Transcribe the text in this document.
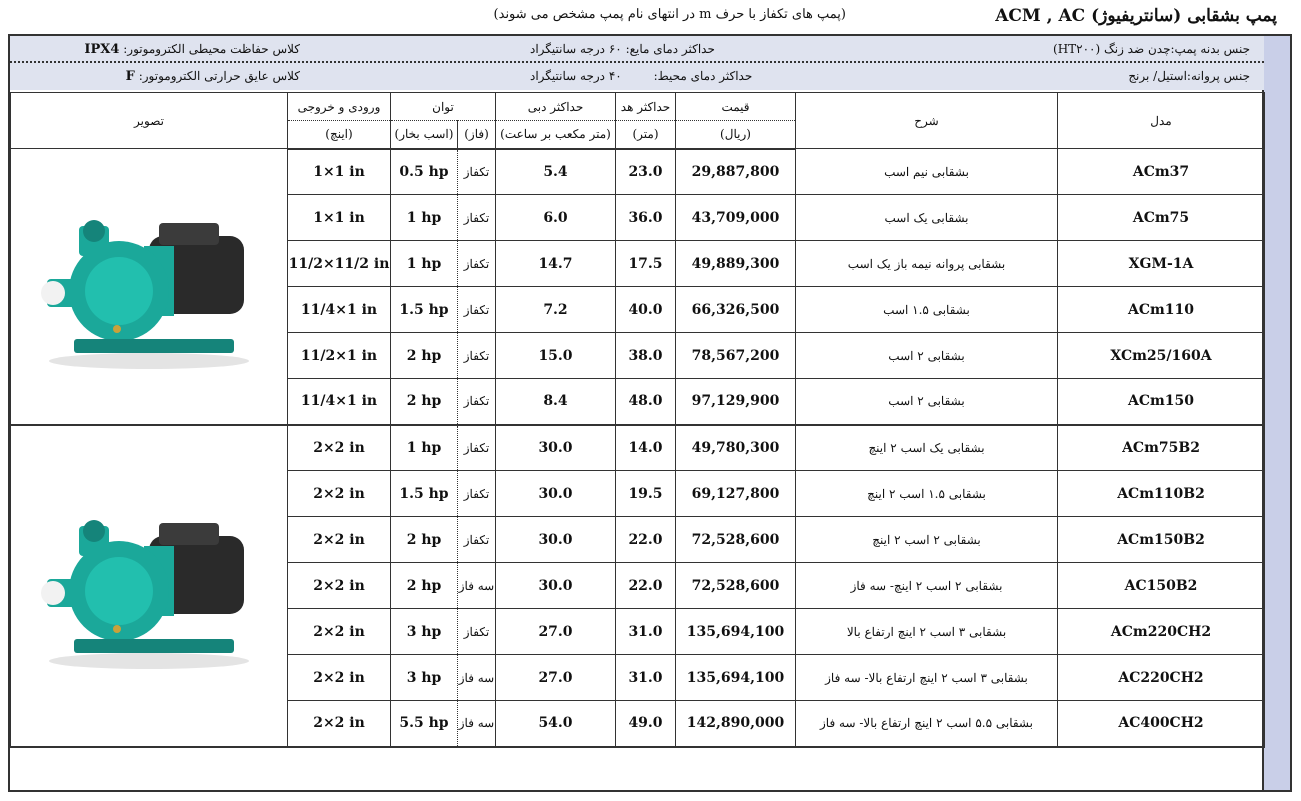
پمپ بشقابی (سانتریفیوژ) ACM , AC
(پمپ های تکفاز با حرف m در انتهای نام پمپ مشخص می شوند)
جنس بدنه پمپ:چدن ضد زنگ (HT۲۰۰)
حداکثر دمای مایع: ۶۰ درجه سانتیگراد
کلاس حفاظت محیطی الکتروموتور: IPX4
جنس پروانه:استیل/ برنج
حداکثر دمای محیط: ۴۰ درجه سانتیگراد
کلاس عایق حرارتی الکتروموتور: F
تصویر	ورودی و خروجی	توان		حداکثر دبی	حداکثر هد	قیمت	شرح	مدل
	(اینچ)	(اسب بخار)	(فاز)	(متر مکعب بر ساعت)	(متر)	(ریال)		

	1×1 in	0.5 hp	تکفاز	5.4	23.0	29,887,800	بشقابی نیم اسب	ACm37
	1×1 in	1 hp	تکفاز	6.0	36.0	43,709,000	بشقابی یک اسب	ACm75
	11/2×11/2 in	1 hp	تکفاز	14.7	17.5	49,889,300	بشقابی پروانه نیمه باز یک اسب	XGM-1A
	11/4×1 in	1.5 hp	تکفاز	7.2	40.0	66,326,500	بشقابی ۱.۵ اسب	ACm110
	11/2×1 in	2 hp	تکفاز	15.0	38.0	78,567,200	بشقابی ۲ اسب	XCm25/160A
	11/4×1 in	2 hp	تکفاز	8.4	48.0	97,129,900	بشقابی ۲ اسب	ACm150

	2×2 in	1 hp	تکفاز	30.0	14.0	49,780,300	بشقابی یک اسب ۲ اینچ	ACm75B2
	2×2 in	1.5 hp	تکفاز	30.0	19.5	69,127,800	بشقابی ۱.۵ اسب ۲ اینچ	ACm110B2
	2×2 in	2 hp	تکفاز	30.0	22.0	72,528,600	بشقابی ۲ اسب ۲ اینچ	ACm150B2
	2×2 in	2 hp	سه فاز	30.0	22.0	72,528,600	بشقابی ۲ اسب ۲ اینچ- سه فاز	AC150B2
	2×2 in	3 hp	تکفاز	27.0	31.0	135,694,100	بشقابی ۳ اسب ۲ اینچ ارتفاع بالا	ACm220CH2
	2×2 in	3 hp	سه فاز	27.0	31.0	135,694,100	بشقابی ۳ اسب ۲ اینچ ارتفاع بالا- سه فاز	AC220CH2
	2×2 in	5.5 hp	سه فاز	54.0	49.0	142,890,000	بشقابی ۵.۵ اسب ۲ اینچ ارتفاع بالا- سه فاز	AC400CH2
